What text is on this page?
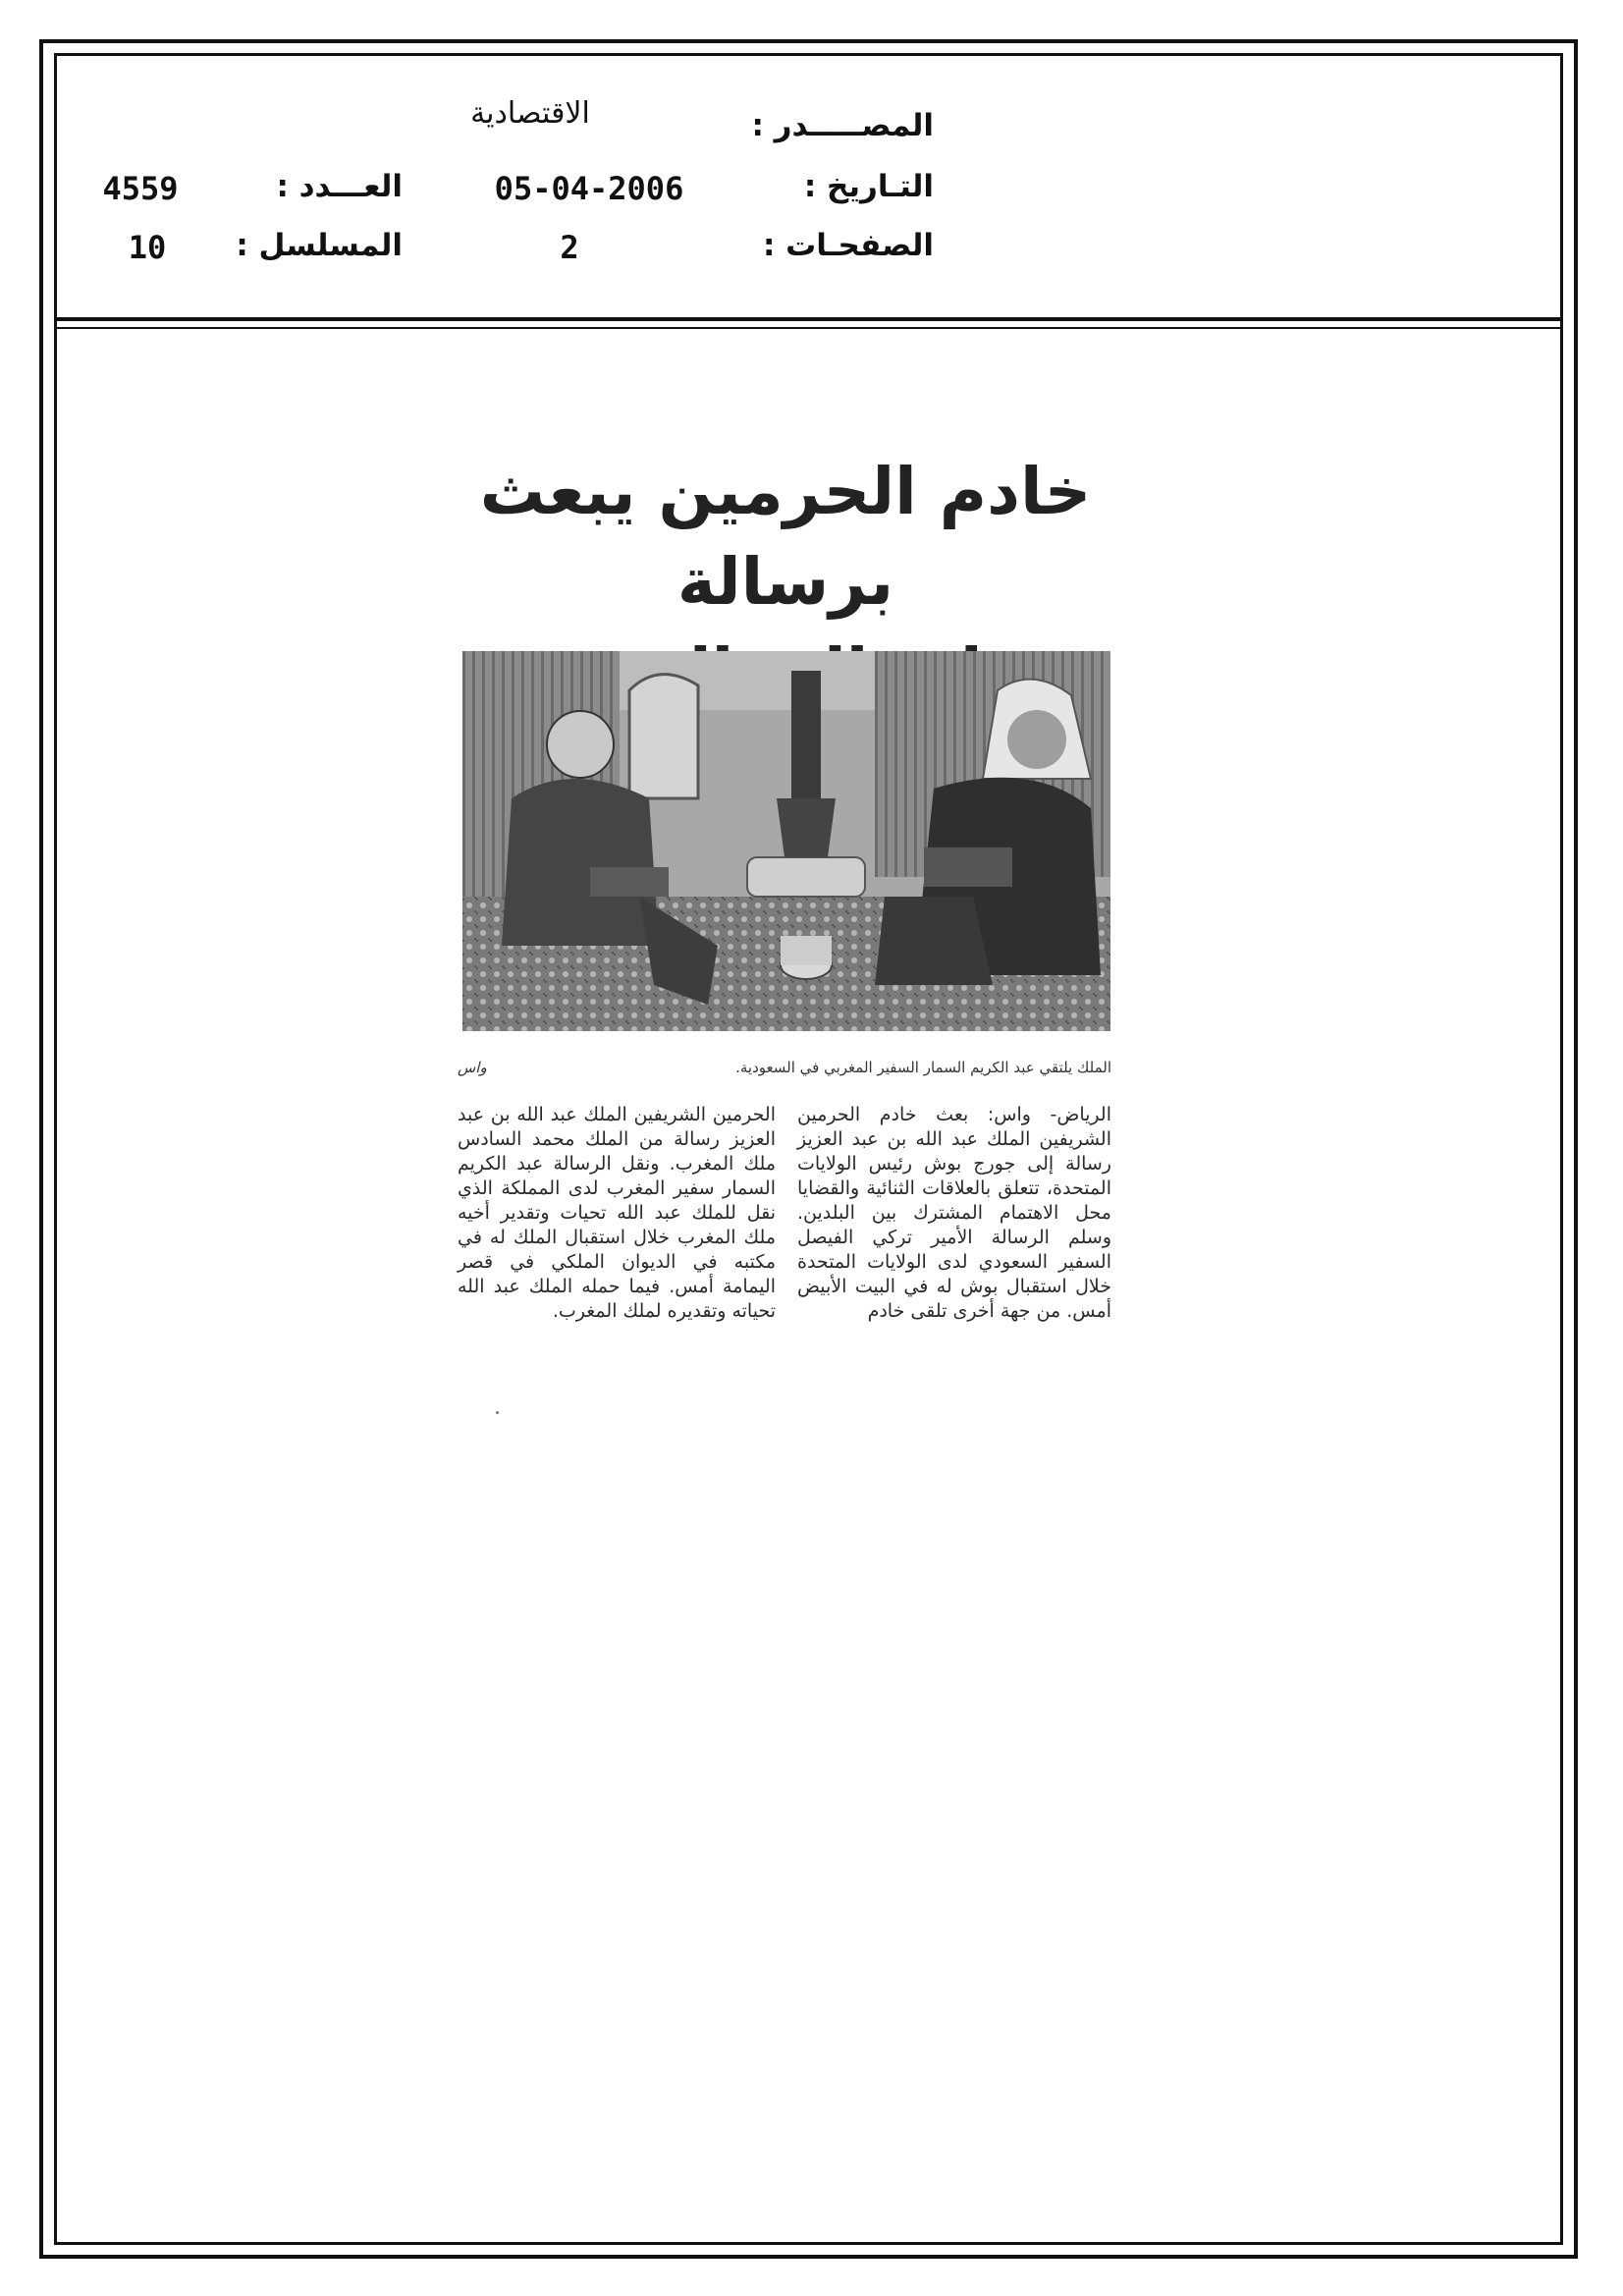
المصـــــدر :
الاقتصادية
التـاريخ :
05-04-2006
الصفحـات :
2
العـــدد :
4559
المسلسل :
10
خادم الحرمين يبعث برسالة
الملك يلتقي عبد الكريم السمار السفير المغربي في السعودية.
واس
الرياض- واس: بعث خادم الحرمين الشريفين الملك عبد الله بن عبد العزيز رسالة إلى جورج بوش رئيس الولايات المتحدة، تتعلق بالعلاقات الثنائية والقضايا محل الاهتمام المشترك بين البلدين. وسلم الرسالة الأمير تركي الفيصل السفير السعودي لدى الولايات المتحدة خلال استقبال بوش له في البيت الأبيض أمس. من جهة أخرى تلقى خادم
الحرمين الشريفين الملك عبد الله بن عبد العزيز رسالة من الملك محمد السادس ملك المغرب. ونقل الرسالة عبد الكريم السمار سفير المغرب لدى المملكة الذي نقل للملك عبد الله تحيات وتقدير أخيه ملك المغرب خلال استقبال الملك له في مكتبه في الديوان الملكي في قصر اليمامة أمس. فيما حمله الملك عبد الله تحياته وتقديره لملك المغرب.
